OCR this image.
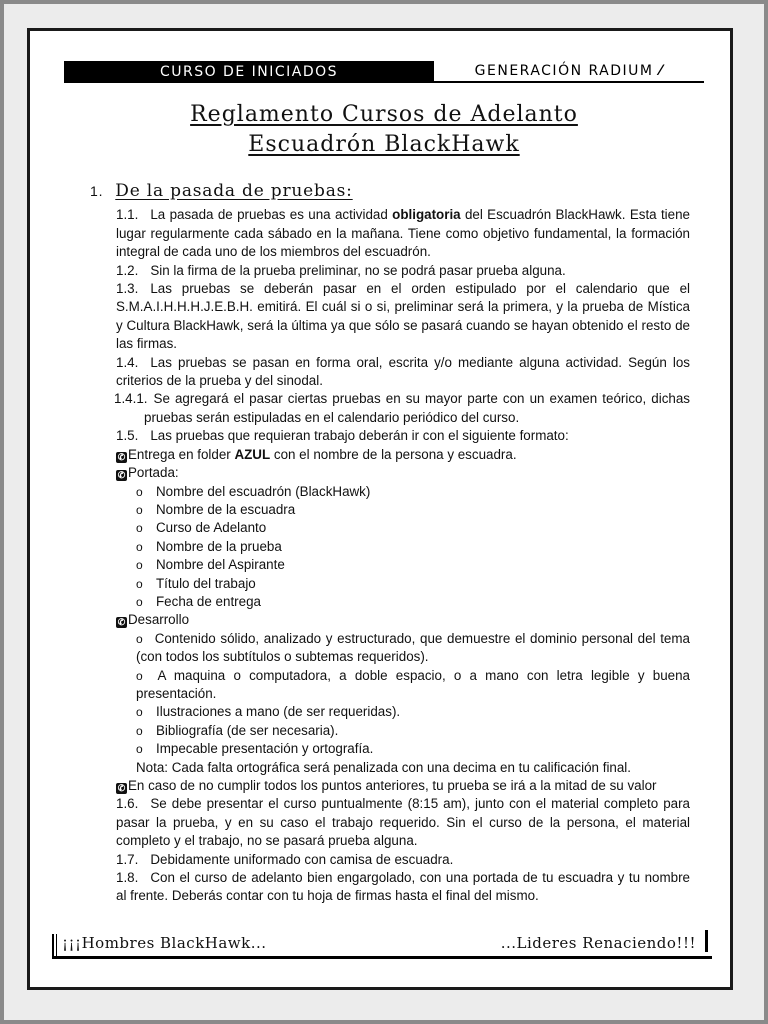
CURSO DE INICIADOS	GENERACIÓN RADIUM ⁄
Reglamento Cursos de Adelanto
Escuadrón BlackHawk
1. De la pasada de pruebas:
1.1. La pasada de pruebas es una actividad obligatoria del Escuadrón BlackHawk. Esta tiene lugar regularmente cada sábado en la mañana. Tiene como objetivo fundamental, la formación integral de cada uno de los miembros del escuadrón.
1.2. Sin la firma de la prueba preliminar, no se podrá pasar prueba alguna.
1.3. Las pruebas se deberán pasar en el orden estipulado por el calendario que el S.M.A.I.H.H.H.J.E.B.H. emitirá. El cuál si o si, preliminar será la primera, y la prueba de Mística y Cultura BlackHawk, será la última ya que sólo se pasará cuando se hayan obtenido el resto de las firmas.
1.4. Las pruebas se pasan en forma oral, escrita y/o mediante alguna actividad. Según los criterios de la prueba y del sinodal.
1.4.1. Se agregará el pasar ciertas pruebas en su mayor parte con un examen teórico, dichas pruebas serán estipuladas en el calendario periódico del curso.
1.5. Las pruebas que requieran trabajo deberán ir con el siguiente formato:
✆ Entrega en folder AZUL con el nombre de la persona y escuadra.
✆ Portada:
o Nombre del escuadrón (BlackHawk)
o Nombre de la escuadra
o Curso de Adelanto
o Nombre de la prueba
o Nombre del Aspirante
o Título del trabajo
o Fecha de entrega
✆ Desarrollo
o Contenido sólido, analizado y estructurado, que demuestre el dominio personal del tema (con todos los subtítulos o subtemas requeridos).
o A maquina o computadora, a doble espacio, o a mano con letra legible y buena presentación.
o Ilustraciones a mano (de ser requeridas).
o Bibliografía (de ser necesaria).
o Impecable presentación y ortografía.
Nota: Cada falta ortográfica será penalizada con una decima en tu calificación final.
✆ En caso de no cumplir todos los puntos anteriores, tu prueba se irá a la mitad de su valor
1.6. Se debe presentar el curso puntualmente (8:15 am), junto con el material completo para pasar la prueba, y en su caso el trabajo requerido. Sin el curso de la persona, el material completo y el trabajo, no se pasará prueba alguna.
1.7. Debidamente uniformado con camisa de escuadra.
1.8. Con el curso de adelanto bien engargolado, con una portada de tu escuadra y tu nombre al frente. Deberás contar con tu hoja de firmas hasta el final del mismo.
¡¡¡Hombres BlackHawk...	...Lideres Renaciendo!!!
